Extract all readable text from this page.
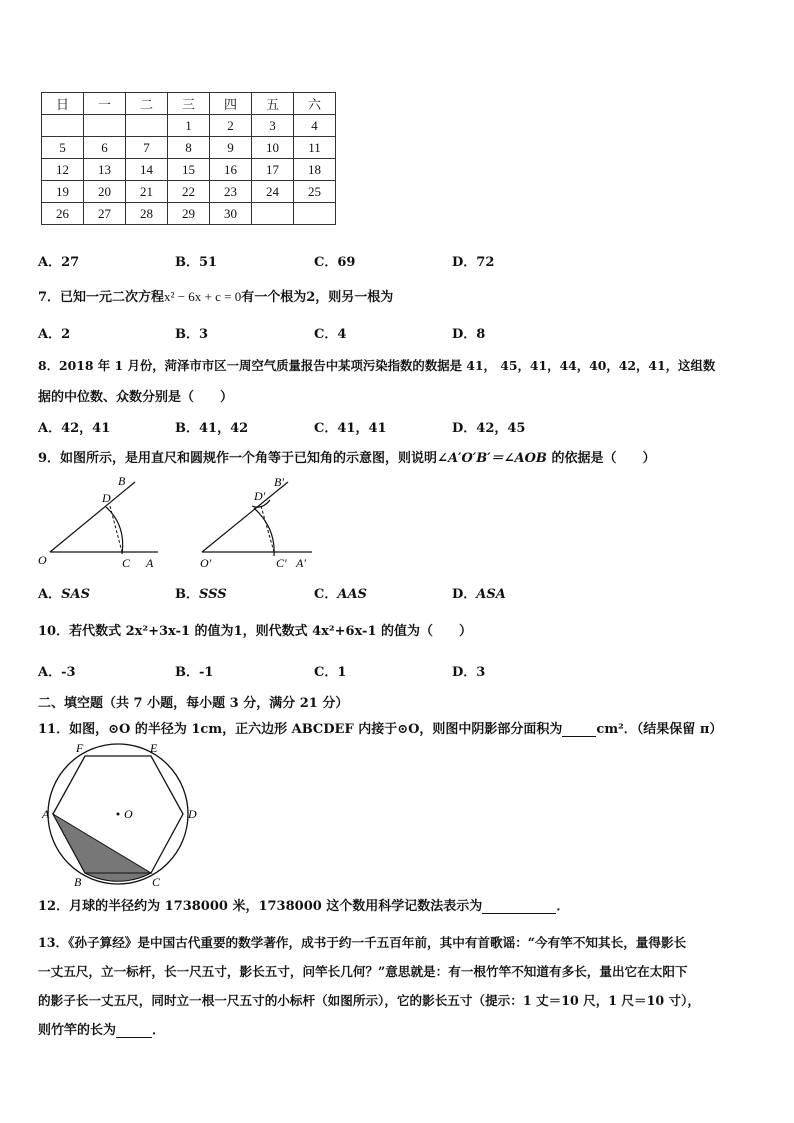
日	一	二	三	四	五	六
			1	2	3	4
5	6	7	8	9	10	11
12	13	14	15	16	17	18
19	20	21	22	23	24	25
26	27	28	29	30		
A．27	B．51	C．69	D．72
7．已知一元二次方程x² − 6x + c = 0有一个根为2，则另一根为
A．2	B．3	C．4	D．8
8．2018 年 1 月份，菏泽市市区一周空气质量报告中某项污染指数的数据是 41， 45，41，44，40，42，41，这组数
据的中位数、众数分别是（　　）
A．42，41	B．41，42	C．41，41	D．42，45
9．如图所示，是用直尺和圆规作一个角等于已知角的示意图，则说明∠A′O′B′＝∠AOB 的依据是（　　）
B
D
O	C A
B′
D′
O′	C′ A′
A．SAS	B．SSS	C．AAS	D．ASA
10．若代数式 2x²+3x-1 的值为1，则代数式 4x²+6x-1 的值为（　　）
A．-3	B．-1	C．1	D．3
二、填空题（共 7 小题，每小题 3 分，满分 21 分）
11．如图，⊙O 的半径为 1cm，正六边形 ABCDEF 内接于⊙O，则图中阴影部分面积为	cm²．（结果保留 π）
A
B	C
D
E
F
O
12．月球的半径约为 1738000 米，1738000 这个数用科学记数法表示为	．
13．《孙子算经》是中国古代重要的数学著作，成书于约一千五百年前，其中有首歌谣：“今有竿不知其长，量得影长
一丈五尺，立一标杆，长一尺五寸，影长五寸，问竿长几何？”意思就是：有一根竹竿不知道有多长，量出它在太阳下
的影子长一丈五尺，同时立一根一尺五寸的小标杆（如图所示），它的影长五寸（提示：1 丈＝10 尺，1 尺＝10 寸），
则竹竿的长为	．
